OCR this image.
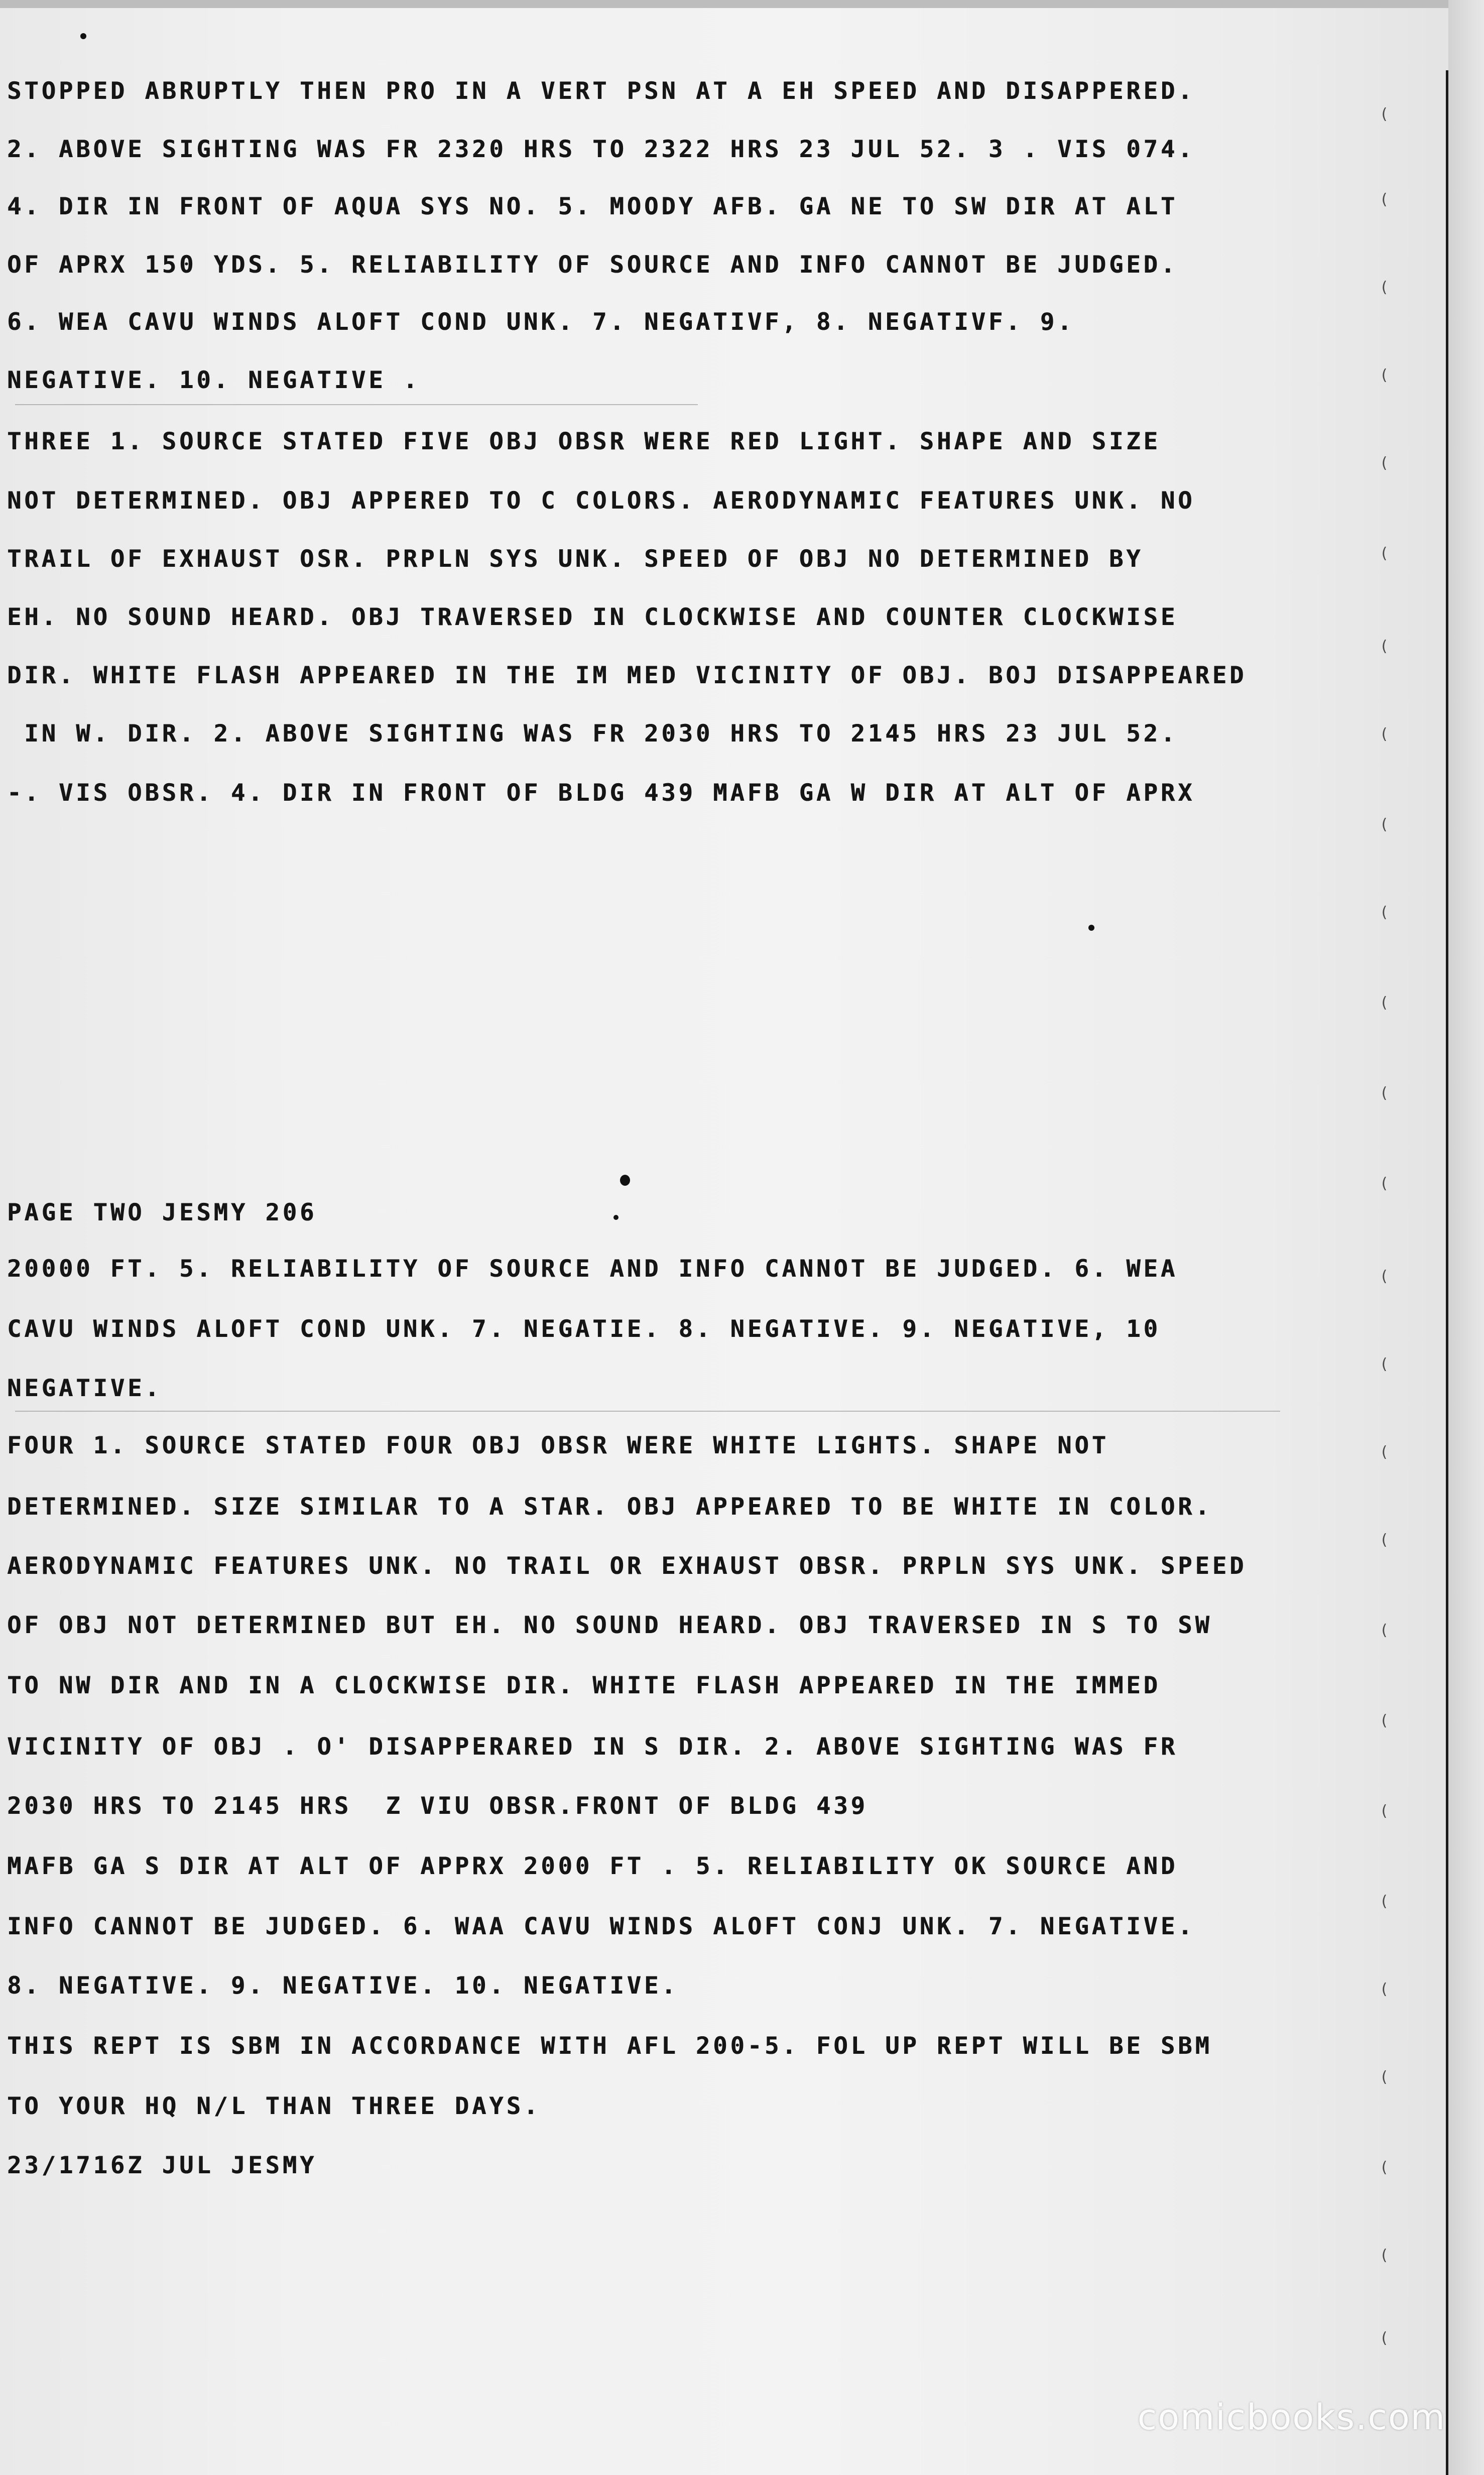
(
(
(
(
(
(
(
(
(
(
(
(
(
(
(
(
(
(
(
(
(
(
(
(
(
(
STOPPED ABRUPTLY THEN PRO IN A VERT PSN AT A EH SPEED AND DISAPPERED.
2. ABOVE SIGHTING WAS FR 2320 HRS TO 2322 HRS 23 JUL 52. 3 . VIS 074.
4. DIR IN FRONT OF AQUA SYS NO. 5. MOODY AFB. GA NE TO SW DIR AT ALT
OF APRX 150 YDS. 5. RELIABILITY OF SOURCE AND INFO CANNOT BE JUDGED.
6. WEA CAVU WINDS ALOFT COND UNK. 7. NEGATIVF, 8. NEGATIVF. 9.
NEGATIVE. 10. NEGATIVE .
THREE 1. SOURCE STATED FIVE OBJ OBSR WERE RED LIGHT. SHAPE AND SIZE
NOT DETERMINED. OBJ APPERED TO C COLORS. AERODYNAMIC FEATURES UNK. NO
TRAIL OF EXHAUST OSR. PRPLN SYS UNK. SPEED OF OBJ NO DETERMINED BY
EH. NO SOUND HEARD. OBJ TRAVERSED IN CLOCKWISE AND COUNTER CLOCKWISE
DIR. WHITE FLASH APPEARED IN THE IM MED VICINITY OF OBJ. BOJ DISAPPEARED
IN W. DIR. 2. ABOVE SIGHTING WAS FR 2030 HRS TO 2145 HRS 23 JUL 52.
-. VIS OBSR. 4. DIR IN FRONT OF BLDG 439 MAFB GA W DIR AT ALT OF APRX
PAGE TWO JESMY 206
20000 FT. 5. RELIABILITY OF SOURCE AND INFO CANNOT BE JUDGED. 6. WEA
CAVU WINDS ALOFT COND UNK. 7. NEGATIE. 8. NEGATIVE. 9. NEGATIVE, 10
NEGATIVE.
FOUR 1. SOURCE STATED FOUR OBJ OBSR WERE WHITE LIGHTS. SHAPE NOT
DETERMINED. SIZE SIMILAR TO A STAR. OBJ APPEARED TO BE WHITE IN COLOR.
AERODYNAMIC FEATURES UNK. NO TRAIL OR EXHAUST OBSR. PRPLN SYS UNK. SPEED
OF OBJ NOT DETERMINED BUT EH. NO SOUND HEARD. OBJ TRAVERSED IN S TO SW
TO NW DIR AND IN A CLOCKWISE DIR. WHITE FLASH APPEARED IN THE IMMED
VICINITY OF OBJ . O' DISAPPERARED IN S DIR. 2. ABOVE SIGHTING WAS FR
2030 HRS TO 2145 HRS  Z VIU OBSR.FRONT OF BLDG 439
MAFB GA S DIR AT ALT OF APPRX 2000 FT . 5. RELIABILITY OK SOURCE AND
INFO CANNOT BE JUDGED. 6. WAA CAVU WINDS ALOFT CONJ UNK. 7. NEGATIVE.
8. NEGATIVE. 9. NEGATIVE. 10. NEGATIVE.
THIS REPT IS SBM IN ACCORDANCE WITH AFL 200-5. FOL UP REPT WILL BE SBM
TO YOUR HQ N/L THAN THREE DAYS.
23/1716Z JUL JESMY
comicbooks.com
